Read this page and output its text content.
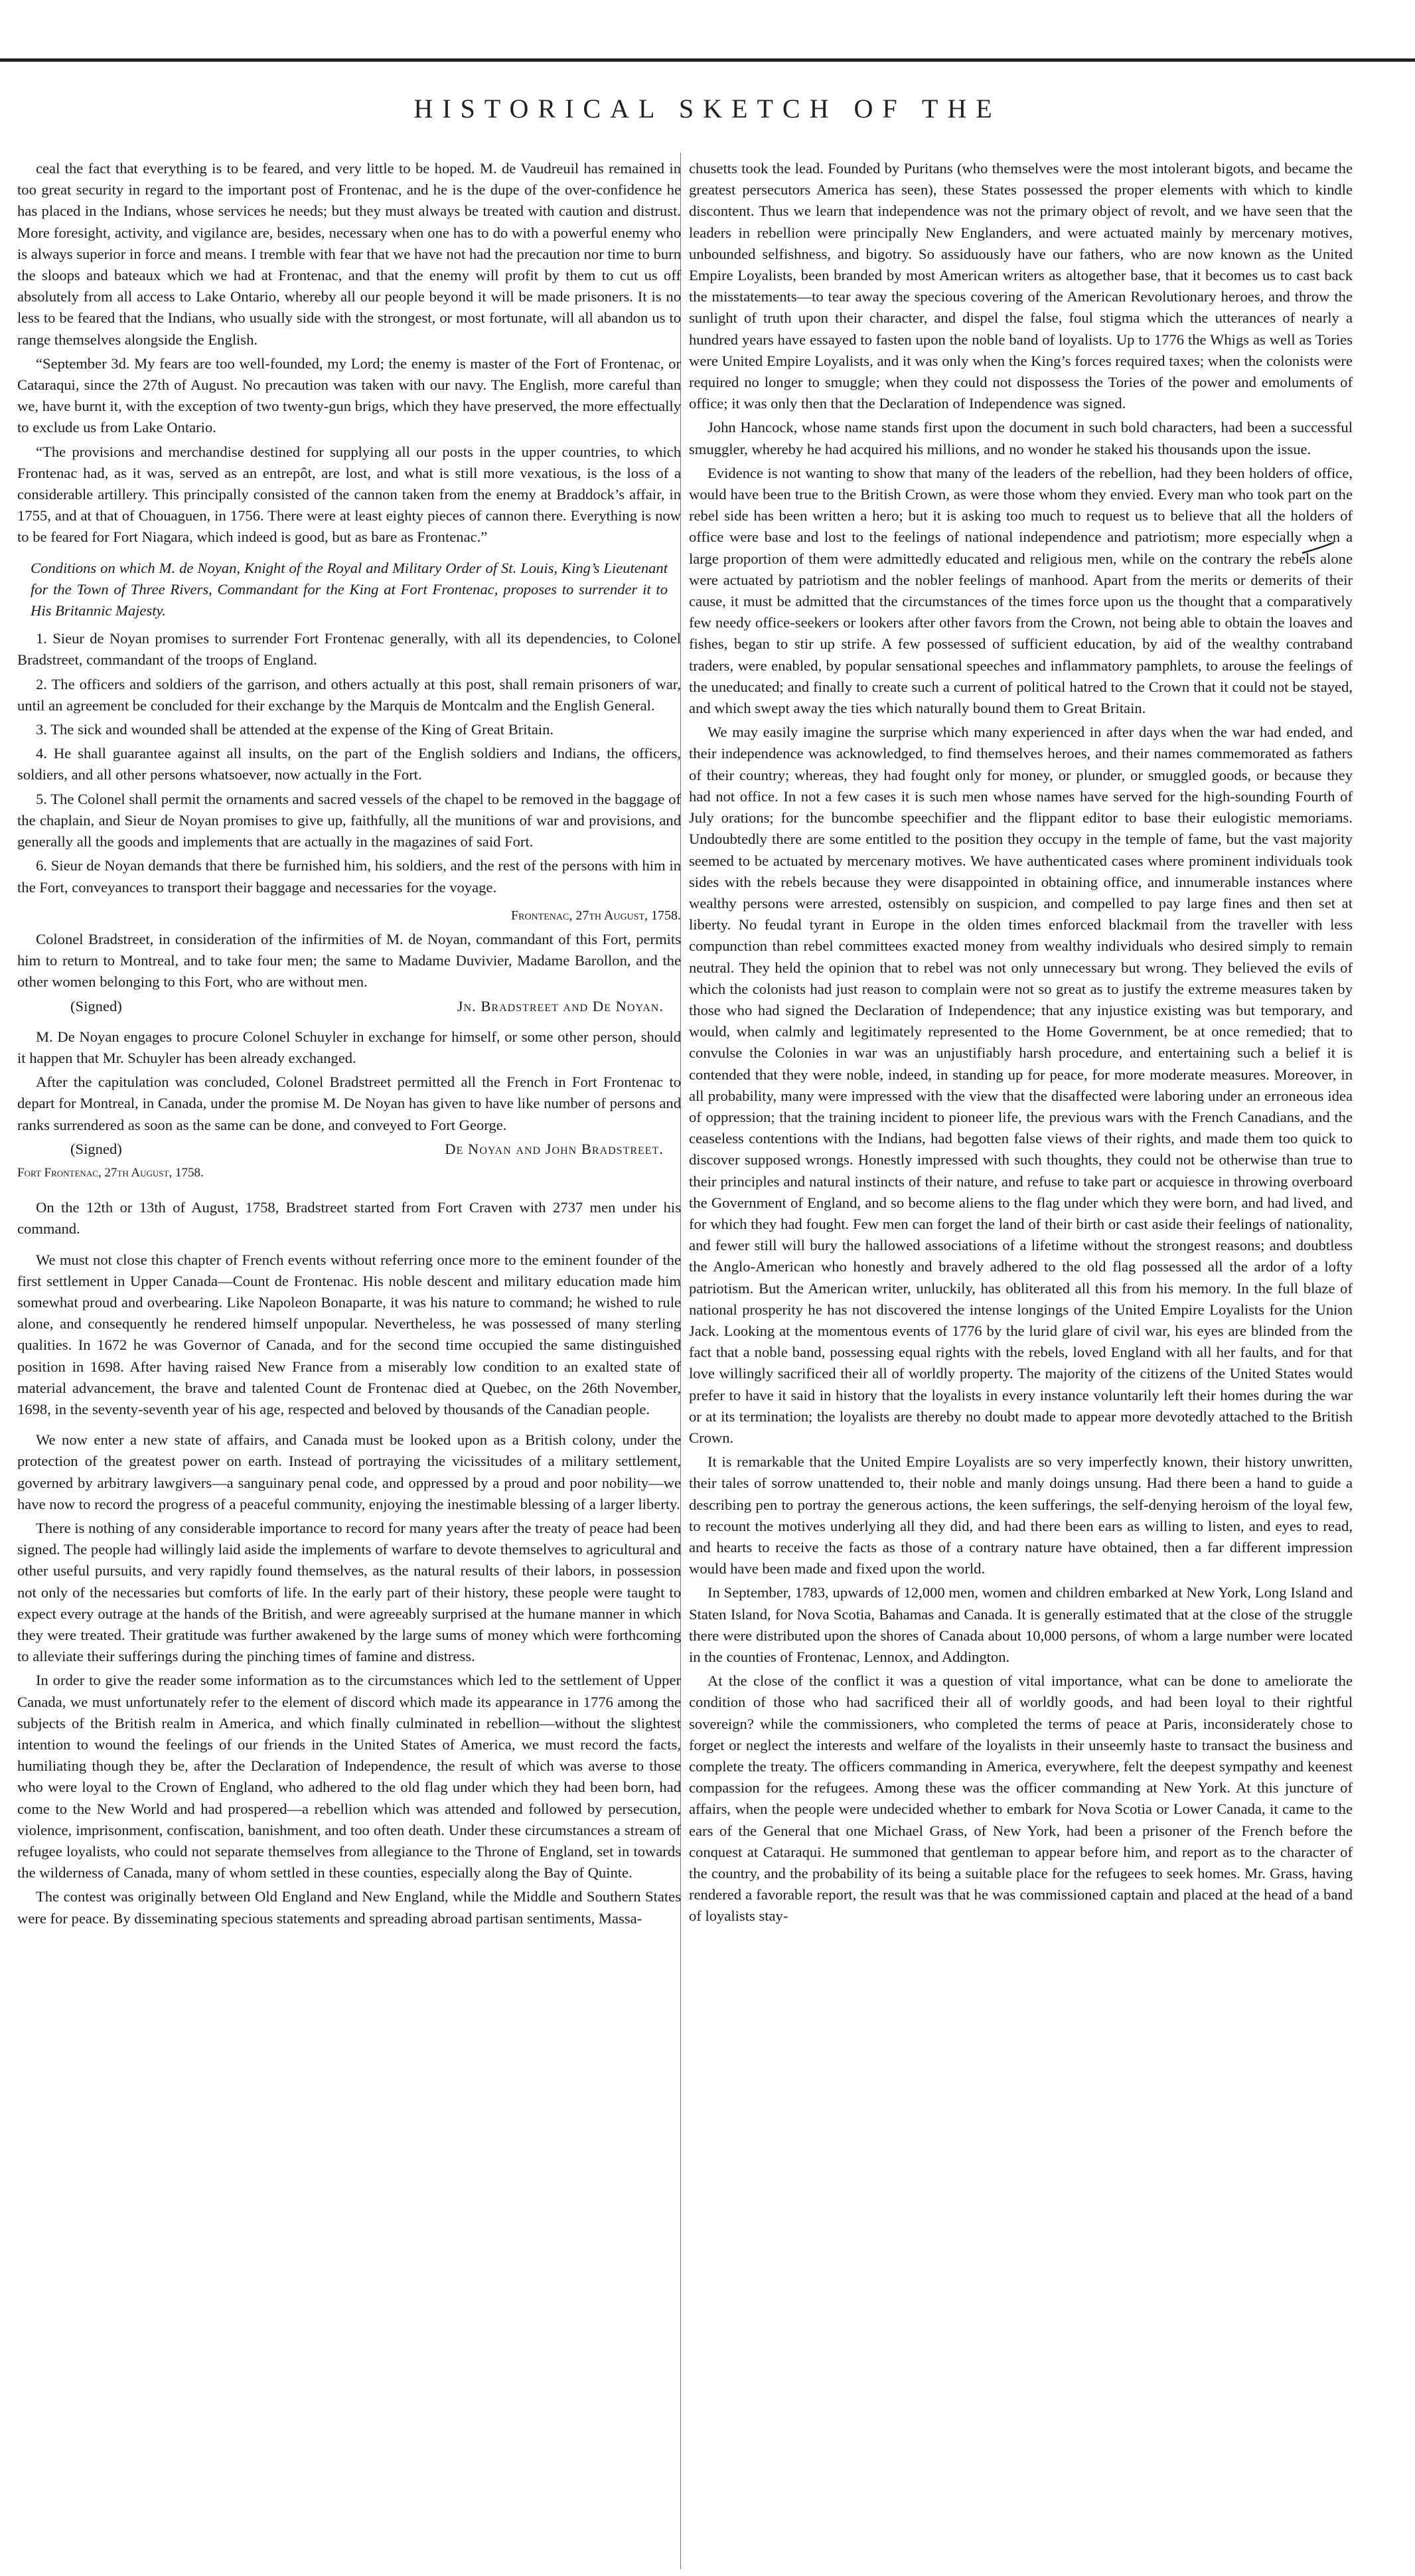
HISTORICAL SKETCH OF THE

ceal the fact that everything is to be feared, and very little to be hoped. M. de Vaudreuil has remained in too great security in regard to the important post of Frontenac, and he is the dupe of the over-confidence he has placed in the Indians, whose services he needs; but they must always be treated with caution and distrust. More foresight, activity, and vigilance are, besides, necessary when one has to do with a powerful enemy who is always superior in force and means. I tremble with fear that we have not had the precaution nor time to burn the sloops and bateaux which we had at Frontenac, and that the enemy will profit by them to cut us off absolutely from all access to Lake Ontario, whereby all our people beyond it will be made prisoners. It is no less to be feared that the Indians, who usually side with the strongest, or most fortunate, will all abandon us to range themselves alongside the English.

“September 3d. My fears are too well-founded, my Lord; the enemy is master of the Fort of Frontenac, or Cataraqui, since the 27th of August. No precaution was taken with our navy. The English, more careful than we, have burnt it, with the exception of two twenty-gun brigs, which they have preserved, the more effectually to exclude us from Lake Ontario.

“The provisions and merchandise destined for supplying all our posts in the upper countries, to which Frontenac had, as it was, served as an entrepôt, are lost, and what is still more vexatious, is the loss of a considerable artillery. This principally consisted of the cannon taken from the enemy at Braddock’s affair, in 1755, and at that of Chouaguen, in 1756. There were at least eighty pieces of cannon there. Everything is now to be feared for Fort Niagara, which indeed is good, but as bare as Frontenac.”

Conditions on which M. de Noyan, Knight of the Royal and Military Order of St. Louis, King’s Lieutenant for the Town of Three Rivers, Commandant for the King at Fort Frontenac, proposes to surrender it to His Britannic Majesty.

1. Sieur de Noyan promises to surrender Fort Frontenac generally, with all its dependencies, to Colonel Bradstreet, commandant of the troops of England.

2. The officers and soldiers of the garrison, and others actually at this post, shall remain prisoners of war, until an agreement be concluded for their exchange by the Marquis de Montcalm and the English General.

3. The sick and wounded shall be attended at the expense of the King of Great Britain.

4. He shall guarantee against all insults, on the part of the English soldiers and Indians, the officers, soldiers, and all other persons whatsoever, now actually in the Fort.

5. The Colonel shall permit the ornaments and sacred vessels of the chapel to be removed in the baggage of the chaplain, and Sieur de Noyan promises to give up, faithfully, all the munitions of war and provisions, and generally all the goods and implements that are actually in the magazines of said Fort.

6. Sieur de Noyan demands that there be furnished him, his soldiers, and the rest of the persons with him in the Fort, conveyances to transport their baggage and necessaries for the voyage.

Frontenac, 27th August, 1758.

Colonel Bradstreet, in consideration of the infirmities of M. de Noyan, commandant of this Fort, permits him to return to Montreal, and to take four men; the same to Madame Duvivier, Madame Barollon, and the other women belonging to this Fort, who are without men.

(Signed)	Jn. Bradstreet and De Noyan.

M. De Noyan engages to procure Colonel Schuyler in exchange for himself, or some other person, should it happen that Mr. Schuyler has been already exchanged.

After the capitulation was concluded, Colonel Bradstreet permitted all the French in Fort Frontenac to depart for Montreal, in Canada, under the promise M. De Noyan has given to have like number of persons and ranks surrendered as soon as the same can be done, and conveyed to Fort George.

(Signed)	De Noyan and John Bradstreet.

Fort Frontenac, 27th August, 1758.

On the 12th or 13th of August, 1758, Bradstreet started from Fort Craven with 2737 men under his command.

We must not close this chapter of French events without referring once more to the eminent founder of the first settlement in Upper Canada—Count de Frontenac. His noble descent and military education made him somewhat proud and overbearing. Like Napoleon Bonaparte, it was his nature to command; he wished to rule alone, and consequently he rendered himself unpopular. Nevertheless, he was possessed of many sterling qualities. In 1672 he was Governor of Canada, and for the second time occupied the same distinguished position in 1698. After having raised New France from a miserably low condition to an exalted state of material advancement, the brave and talented Count de Frontenac died at Quebec, on the 26th November, 1698, in the seventy-seventh year of his age, respected and beloved by thousands of the Canadian people.

We now enter a new state of affairs, and Canada must be looked upon as a British colony, under the protection of the greatest power on earth. Instead of portraying the vicissitudes of a military settlement, governed by arbitrary lawgivers—a sanguinary penal code, and oppressed by a proud and poor nobility—we have now to record the progress of a peaceful community, enjoying the inestimable blessing of a larger liberty.

There is nothing of any considerable importance to record for many years after the treaty of peace had been signed. The people had willingly laid aside the implements of warfare to devote themselves to agricultural and other useful pursuits, and very rapidly found themselves, as the natural results of their labors, in possession not only of the necessaries but comforts of life. In the early part of their history, these people were taught to expect every outrage at the hands of the British, and were agreeably surprised at the humane manner in which they were treated. Their gratitude was further awakened by the large sums of money which were forthcoming to alleviate their sufferings during the pinching times of famine and distress.

In order to give the reader some information as to the circumstances which led to the settlement of Upper Canada, we must unfortunately refer to the element of discord which made its appearance in 1776 among the subjects of the British realm in America, and which finally culminated in rebellion—without the slightest intention to wound the feelings of our friends in the United States of America, we must record the facts, humiliating though they be, after the Declaration of Independence, the result of which was averse to those who were loyal to the Crown of England, who adhered to the old flag under which they had been born, had come to the New World and had prospered—a rebellion which was attended and followed by persecution, violence, imprisonment, confiscation, banishment, and too often death. Under these circumstances a stream of refugee loyalists, who could not separate themselves from allegiance to the Throne of England, set in towards the wilderness of Canada, many of whom settled in these counties, especially along the Bay of Quinte.

The contest was originally between Old England and New England, while the Middle and Southern States were for peace. By disseminating specious statements and spreading abroad partisan sentiments, Massa-

chusetts took the lead. Founded by Puritans (who themselves were the most intolerant bigots, and became the greatest persecutors America has seen), these States possessed the proper elements with which to kindle discontent. Thus we learn that independence was not the primary object of revolt, and we have seen that the leaders in rebellion were principally New Englanders, and were actuated mainly by mercenary motives, unbounded selfishness, and bigotry. So assiduously have our fathers, who are now known as the United Empire Loyalists, been branded by most American writers as altogether base, that it becomes us to cast back the misstatements—to tear away the specious covering of the American Revolutionary heroes, and throw the sunlight of truth upon their character, and dispel the false, foul stigma which the utterances of nearly a hundred years have essayed to fasten upon the noble band of loyalists. Up to 1776 the Whigs as well as Tories were United Empire Loyalists, and it was only when the King’s forces required taxes; when the colonists were required no longer to smuggle; when they could not dispossess the Tories of the power and emoluments of office; it was only then that the Declaration of Independence was signed.

John Hancock, whose name stands first upon the document in such bold characters, had been a successful smuggler, whereby he had acquired his millions, and no wonder he staked his thousands upon the issue.

Evidence is not wanting to show that many of the leaders of the rebellion, had they been holders of office, would have been true to the British Crown, as were those whom they envied. Every man who took part on the rebel side has been written a hero; but it is asking too much to request us to believe that all the holders of office were base and lost to the feelings of national independence and patriotism; more especially when a large proportion of them were admittedly educated and religious men, while on the contrary the rebels alone were actuated by patriotism and the nobler feelings of manhood. Apart from the merits or demerits of their cause, it must be admitted that the circumstances of the times force upon us the thought that a comparatively few needy office-seekers or lookers after other favors from the Crown, not being able to obtain the loaves and fishes, began to stir up strife. A few possessed of sufficient education, by aid of the wealthy contraband traders, were enabled, by popular sensational speeches and inflammatory pamphlets, to arouse the feelings of the uneducated; and finally to create such a current of political hatred to the Crown that it could not be stayed, and which swept away the ties which naturally bound them to Great Britain.

We may easily imagine the surprise which many experienced in after days when the war had ended, and their independence was acknowledged, to find themselves heroes, and their names commemorated as fathers of their country; whereas, they had fought only for money, or plunder, or smuggled goods, or because they had not office. In not a few cases it is such men whose names have served for the high-sounding Fourth of July orations; for the buncombe speechifier and the flippant editor to base their eulogistic memoriams. Undoubtedly there are some entitled to the position they occupy in the temple of fame, but the vast majority seemed to be actuated by mercenary motives. We have authenticated cases where prominent individuals took sides with the rebels because they were disappointed in obtaining office, and innumerable instances where wealthy persons were arrested, ostensibly on suspicion, and compelled to pay large fines and then set at liberty. No feudal tyrant in Europe in the olden times enforced blackmail from the traveller with less compunction than rebel committees exacted money from wealthy individuals who desired simply to remain neutral. They held the opinion that to rebel was not only unnecessary but wrong. They believed the evils of which the colonists had just reason to complain were not so great as to justify the extreme measures taken by those who had signed the Declaration of Independence; that any injustice existing was but temporary, and would, when calmly and legitimately represented to the Home Government, be at once remedied; that to convulse the Colonies in war was an unjustifiably harsh procedure, and entertaining such a belief it is contended that they were noble, indeed, in standing up for peace, for more moderate measures. Moreover, in all probability, many were impressed with the view that the disaffected were laboring under an erroneous idea of oppression; that the training incident to pioneer life, the previous wars with the French Canadians, and the ceaseless contentions with the Indians, had begotten false views of their rights, and made them too quick to discover supposed wrongs. Honestly impressed with such thoughts, they could not be otherwise than true to their principles and natural instincts of their nature, and refuse to take part or acquiesce in throwing overboard the Government of England, and so become aliens to the flag under which they were born, and had lived, and for which they had fought. Few men can forget the land of their birth or cast aside their feelings of nationality, and fewer still will bury the hallowed associations of a lifetime without the strongest reasons; and doubtless the Anglo-American who honestly and bravely adhered to the old flag possessed all the ardor of a lofty patriotism. But the American writer, unluckily, has obliterated all this from his memory. In the full blaze of national prosperity he has not discovered the intense longings of the United Empire Loyalists for the Union Jack. Looking at the momentous events of 1776 by the lurid glare of civil war, his eyes are blinded from the fact that a noble band, possessing equal rights with the rebels, loved England with all her faults, and for that love willingly sacrificed their all of worldly property. The majority of the citizens of the United States would prefer to have it said in history that the loyalists in every instance voluntarily left their homes during the war or at its termination; the loyalists are thereby no doubt made to appear more devotedly attached to the British Crown.

It is remarkable that the United Empire Loyalists are so very imperfectly known, their history unwritten, their tales of sorrow unattended to, their noble and manly doings unsung. Had there been a hand to guide a describing pen to portray the generous actions, the keen sufferings, the self-denying heroism of the loyal few, to recount the motives underlying all they did, and had there been ears as willing to listen, and eyes to read, and hearts to receive the facts as those of a contrary nature have obtained, then a far different impression would have been made and fixed upon the world.

In September, 1783, upwards of 12,000 men, women and children embarked at New York, Long Island and Staten Island, for Nova Scotia, Bahamas and Canada. It is generally estimated that at the close of the struggle there were distributed upon the shores of Canada about 10,000 persons, of whom a large number were located in the counties of Frontenac, Lennox, and Addington.

At the close of the conflict it was a question of vital importance, what can be done to ameliorate the condition of those who had sacrificed their all of worldly goods, and had been loyal to their rightful sovereign? while the commissioners, who completed the terms of peace at Paris, inconsiderately chose to forget or neglect the interests and welfare of the loyalists in their unseemly haste to transact the business and complete the treaty. The officers commanding in America, everywhere, felt the deepest sympathy and keenest compassion for the refugees. Among these was the officer commanding at New York. At this juncture of affairs, when the people were undecided whether to embark for Nova Scotia or Lower Canada, it came to the ears of the General that one Michael Grass, of New York, had been a prisoner of the French before the conquest at Cataraqui. He summoned that gentleman to appear before him, and report as to the character of the country, and the probability of its being a suitable place for the refugees to seek homes. Mr. Grass, having rendered a favorable report, the result was that he was commissioned captain and placed at the head of a band of loyalists stay-
